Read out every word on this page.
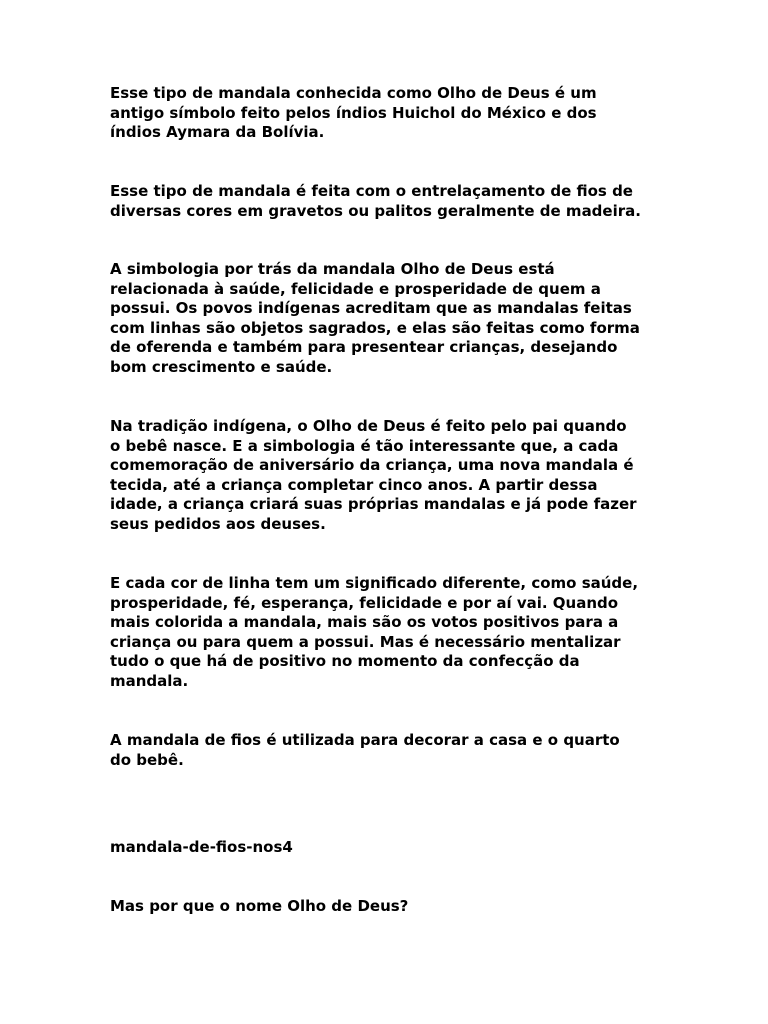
Esse tipo de mandala conhecida como Olho de Deus é um
antigo símbolo feito pelos índios Huichol do México e dos
índios Aymara da Bolívia.

Esse tipo de mandala é feita com o entrelaçamento de fios de
diversas cores em gravetos ou palitos geralmente de madeira.

A simbologia por trás da mandala Olho de Deus está
relacionada à saúde, felicidade e prosperidade de quem a
possui. Os povos indígenas acreditam que as mandalas feitas
com linhas são objetos sagrados, e elas são feitas como forma
de oferenda e também para presentear crianças, desejando
bom crescimento e saúde.

Na tradição indígena, o Olho de Deus é feito pelo pai quando
o bebê nasce. E a simbologia é tão interessante que, a cada
comemoração de aniversário da criança, uma nova mandala é
tecida, até a criança completar cinco anos. A partir dessa
idade, a criança criará suas próprias mandalas e já pode fazer
seus pedidos aos deuses.

E cada cor de linha tem um significado diferente, como saúde,
prosperidade, fé, esperança, felicidade e por aí vai. Quando
mais colorida a mandala, mais são os votos positivos para a
criança ou para quem a possui. Mas é necessário mentalizar
tudo o que há de positivo no momento da confecção da
mandala.

A mandala de fios é utilizada para decorar a casa e o quarto
do bebê.

mandala-de-fios-nos4

Mas por que o nome Olho de Deus?
